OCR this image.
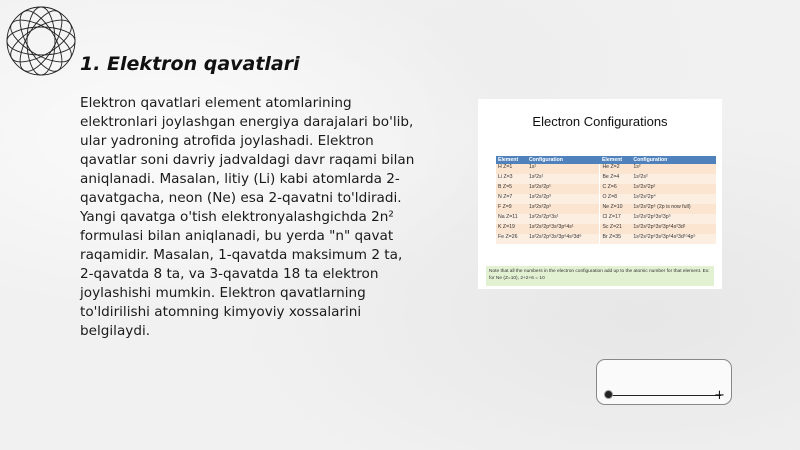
1. Elektron qavatlari

Elektron qavatlari element atomlarining elektronlari joylashgan energiya darajalari bo'lib, ular yadroning atrofida joylashadi. Elektron qavatlar soni davriy jadvaldagi davr raqami bilan aniqlanadi. Masalan, litiy (Li) kabi atomlarda 2-qavatgacha, neon (Ne) esa 2-qavatni to'ldiradi. Yangi qavatga o'tish elektronyalashgichda 2n² formulasi bilan aniqlanadi, bu yerda "n" qavat raqamidir. Masalan, 1-qavatda maksimum 2 ta, 2-qavatda 8 ta, va 3-qavatda 18 ta elektron joylashishi mumkin. Elektron qavatlarning to'ldirilishi atomning kimyoviy xossalarini belgilaydi.

Electron Configurations
Element	Configuration	Element	Configuration
H Z=1	1s¹	He Z=2	1s²
Li Z=3	1s²2s¹	Be Z=4	1s²2s²
B Z=5	1s²2s²2p¹	C Z=6	1s²2s²2p²
N Z=7	1s²2s²2p³	O Z=8	1s²2s²2p⁴
F Z=9	1s²2s²2p⁵	Ne Z=10	1s²2s²2p⁶ (2p is now full)
Na Z=11	1s²2s²2p⁶3s¹	Cl Z=17	1s²2s²2p⁶3s²3p⁵
K Z=19	1s²2s²2p⁶3s²3p⁶4s¹	Sc Z=21	1s²2s²2p⁶3s²3p⁶4s²3d¹
Fe Z=26	1s²2s²2p⁶3s²3p⁶4s²3d⁶	Br Z=35	1s²2s²2p⁶3s²3p⁶4s²3d¹⁰4p⁵
Note that all the numbers in the electron configuration add up to the atomic number for that element. Ex: for Ne (Z=10), 2+2+6 = 10
+
